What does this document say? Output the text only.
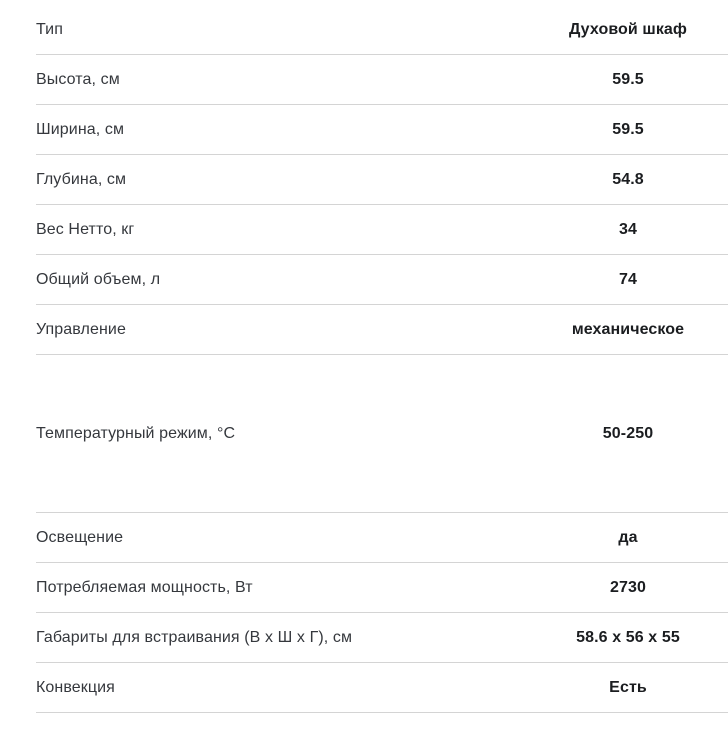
Тип	Духовой шкаф
Высота, см	59.5
Ширина, см	59.5
Глубина, см	54.8
Вес Нетто, кг	34
Общий объем, л	74
Управление	механическое
Температурный режим, °С	50-250
Освещение	да
Потребляемая мощность, Вт	2730
Габариты для встраивания (В х Ш х Г), см	58.6 x 56 x 55
Конвекция	Есть
